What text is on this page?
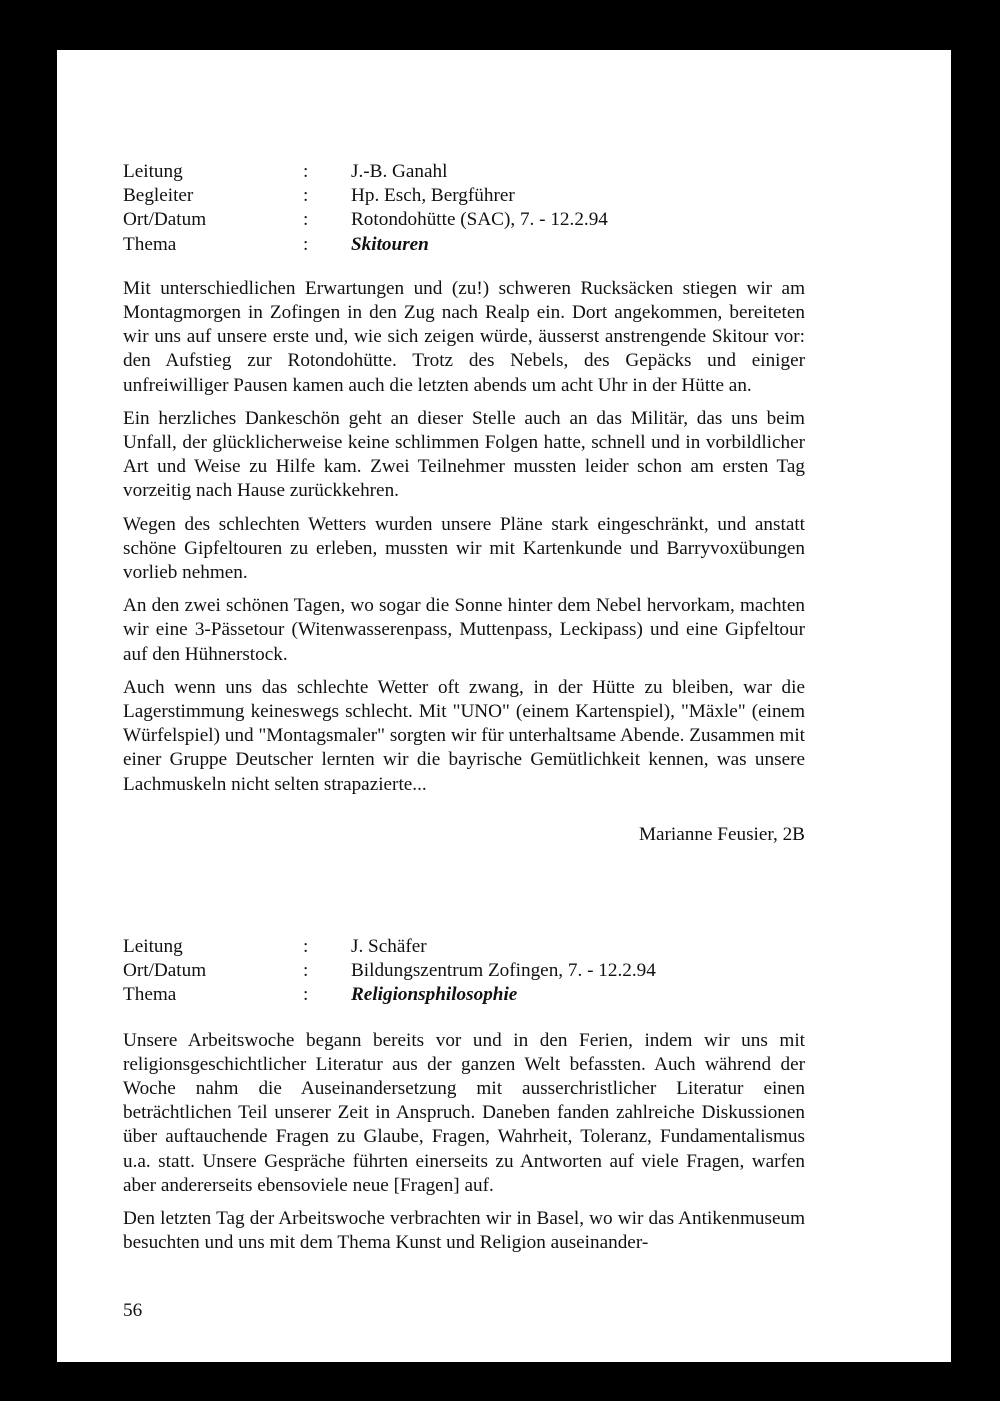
Leitung	:	J.-B. Ganahl
Begleiter	:	Hp. Esch, Bergführer
Ort/Datum	:	Rotondohütte (SAC), 7. - 12.2.94
Thema	:	Skitouren

Mit unterschiedlichen Erwartungen und (zu!) schweren Rucksäcken stiegen wir am Montagmorgen in Zofingen in den Zug nach Realp ein. Dort angekommen, bereiteten wir uns auf unsere erste und, wie sich zeigen würde, äusserst anstrengende Skitour vor: den Aufstieg zur Rotondohütte. Trotz des Nebels, des Gepäcks und einiger unfreiwilliger Pausen kamen auch die letzten abends um acht Uhr in der Hütte an.

Ein herzliches Dankeschön geht an dieser Stelle auch an das Militär, das uns beim Unfall, der glücklicherweise keine schlimmen Folgen hatte, schnell und in vorbildlicher Art und Weise zu Hilfe kam. Zwei Teilnehmer mussten leider schon am ersten Tag vorzeitig nach Hause zurückkehren.

Wegen des schlechten Wetters wurden unsere Pläne stark eingeschränkt, und anstatt schöne Gipfeltouren zu erleben, mussten wir mit Kartenkunde und Barryvoxübungen vorlieb nehmen.

An den zwei schönen Tagen, wo sogar die Sonne hinter dem Nebel hervorkam, machten wir eine 3-Pässetour (Witenwasserenpass, Muttenpass, Leckipass) und eine Gipfeltour auf den Hühnerstock.

Auch wenn uns das schlechte Wetter oft zwang, in der Hütte zu bleiben, war die Lagerstimmung keineswegs schlecht. Mit "UNO" (einem Kartenspiel), "Mäxle" (einem Würfelspiel) und "Montagsmaler" sorgten wir für unterhaltsame Abende. Zusammen mit einer Gruppe Deutscher lernten wir die bayrische Gemütlichkeit kennen, was unsere Lachmuskeln nicht selten strapazierte...

Marianne Feusier, 2B
Leitung	:	J. Schäfer
Ort/Datum	:	Bildungszentrum Zofingen, 7. - 12.2.94
Thema	:	Religionsphilosophie

Unsere Arbeitswoche begann bereits vor und in den Ferien, indem wir uns mit religionsgeschichtlicher Literatur aus der ganzen Welt befassten. Auch während der Woche nahm die Auseinandersetzung mit ausserchristlicher Literatur einen beträchtlichen Teil unserer Zeit in Anspruch. Daneben fanden zahlreiche Diskussionen über auftauchende Fragen zu Glaube, Fragen, Wahrheit, Toleranz, Fundamentalismus u.a. statt. Unsere Gespräche führten einerseits zu Antworten auf viele Fragen, warfen aber andererseits ebensoviele neue [Fragen] auf.

Den letzten Tag der Arbeitswoche verbrachten wir in Basel, wo wir das Antikenmuseum besuchten und uns mit dem Thema Kunst und Religion auseinander-

56
